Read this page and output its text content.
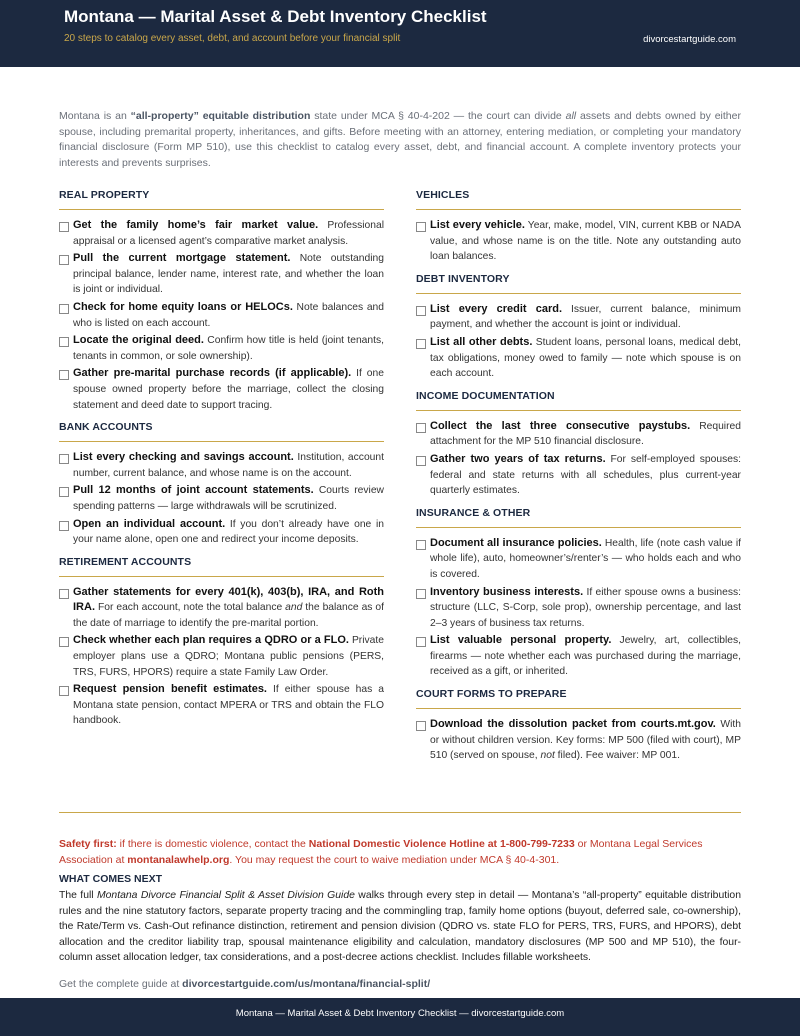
Montana — Marital Asset & Debt Inventory Checklist
20 steps to catalog every asset, debt, and account before your financial split	divorcestartguide.com
Montana is an “all-property” equitable distribution state under MCA § 40-4-202 — the court can divide all assets and debts owned by either spouse, including premarital property, inheritances, and gifts. Before meeting with an attorney, entering mediation, or completing your mandatory financial disclosure (Form MP 510), use this checklist to catalog every asset, debt, and financial account. A complete inventory protects your interests and prevents surprises.
REAL PROPERTY
Get the family home’s fair market value. Professional appraisal or a licensed agent’s comparative market analysis.
Pull the current mortgage statement. Note outstanding principal balance, lender name, interest rate, and whether the loan is joint or individual.
Check for home equity loans or HELOCs. Note balances and who is listed on each account.
Locate the original deed. Confirm how title is held (joint tenants, tenants in common, or sole ownership).
Gather pre-marital purchase records (if applicable). If one spouse owned property before the marriage, collect the closing statement and deed date to support tracing.
BANK ACCOUNTS
List every checking and savings account. Institution, account number, current balance, and whose name is on the account.
Pull 12 months of joint account statements. Courts review spending patterns — large withdrawals will be scrutinized.
Open an individual account. If you don’t already have one in your name alone, open one and redirect your income deposits.
RETIREMENT ACCOUNTS
Gather statements for every 401(k), 403(b), IRA, and Roth IRA. For each account, note the total balance and the balance as of the date of marriage to identify the pre-marital portion.
Check whether each plan requires a QDRO or a FLO. Private employer plans use a QDRO; Montana public pensions (PERS, TRS, FURS, HPORS) require a state Family Law Order.
Request pension benefit estimates. If either spouse has a Montana state pension, contact MPERA or TRS and obtain the FLO handbook.
VEHICLES
List every vehicle. Year, make, model, VIN, current KBB or NADA value, and whose name is on the title. Note any outstanding auto loan balances.
DEBT INVENTORY
List every credit card. Issuer, current balance, minimum payment, and whether the account is joint or individual.
List all other debts. Student loans, personal loans, medical debt, tax obligations, money owed to family — note which spouse is on each account.
INCOME DOCUMENTATION
Collect the last three consecutive paystubs. Required attachment for the MP 510 financial disclosure.
Gather two years of tax returns. For self-employed spouses: federal and state returns with all schedules, plus current-year quarterly estimates.
INSURANCE & OTHER
Document all insurance policies. Health, life (note cash value if whole life), auto, homeowner’s/renter’s — who holds each and who is covered.
Inventory business interests. If either spouse owns a business: structure (LLC, S-Corp, sole prop), ownership percentage, and last 2–3 years of business tax returns.
List valuable personal property. Jewelry, art, collectibles, firearms — note whether each was purchased during the marriage, received as a gift, or inherited.
COURT FORMS TO PREPARE
Download the dissolution packet from courts.mt.gov. With or without children version. Key forms: MP 500 (filed with court), MP 510 (served on spouse, not filed). Fee waiver: MP 001.
Safety first: if there is domestic violence, contact the National Domestic Violence Hotline at 1-800-799-7233 or Montana Legal Services Association at montanalawhelp.org. You may request the court to waive mediation under MCA § 40-4-301.
WHAT COMES NEXT
The full Montana Divorce Financial Split & Asset Division Guide walks through every step in detail — Montana’s “all-property” equitable distribution rules and the nine statutory factors, separate property tracing and the commingling trap, family home options (buyout, deferred sale, co-ownership), the Rate/Term vs. Cash-Out refinance distinction, retirement and pension division (QDRO vs. state FLO for PERS, TRS, FURS, and HPORS), debt allocation and the creditor liability trap, spousal maintenance eligibility and calculation, mandatory disclosures (MP 500 and MP 510), the four-column asset allocation ledger, tax considerations, and a post-decree actions checklist. Includes fillable worksheets.
Get the complete guide at divorcestartguide.com/us/montana/financial-split/
Montana — Marital Asset & Debt Inventory Checklist — divorcestartguide.com
